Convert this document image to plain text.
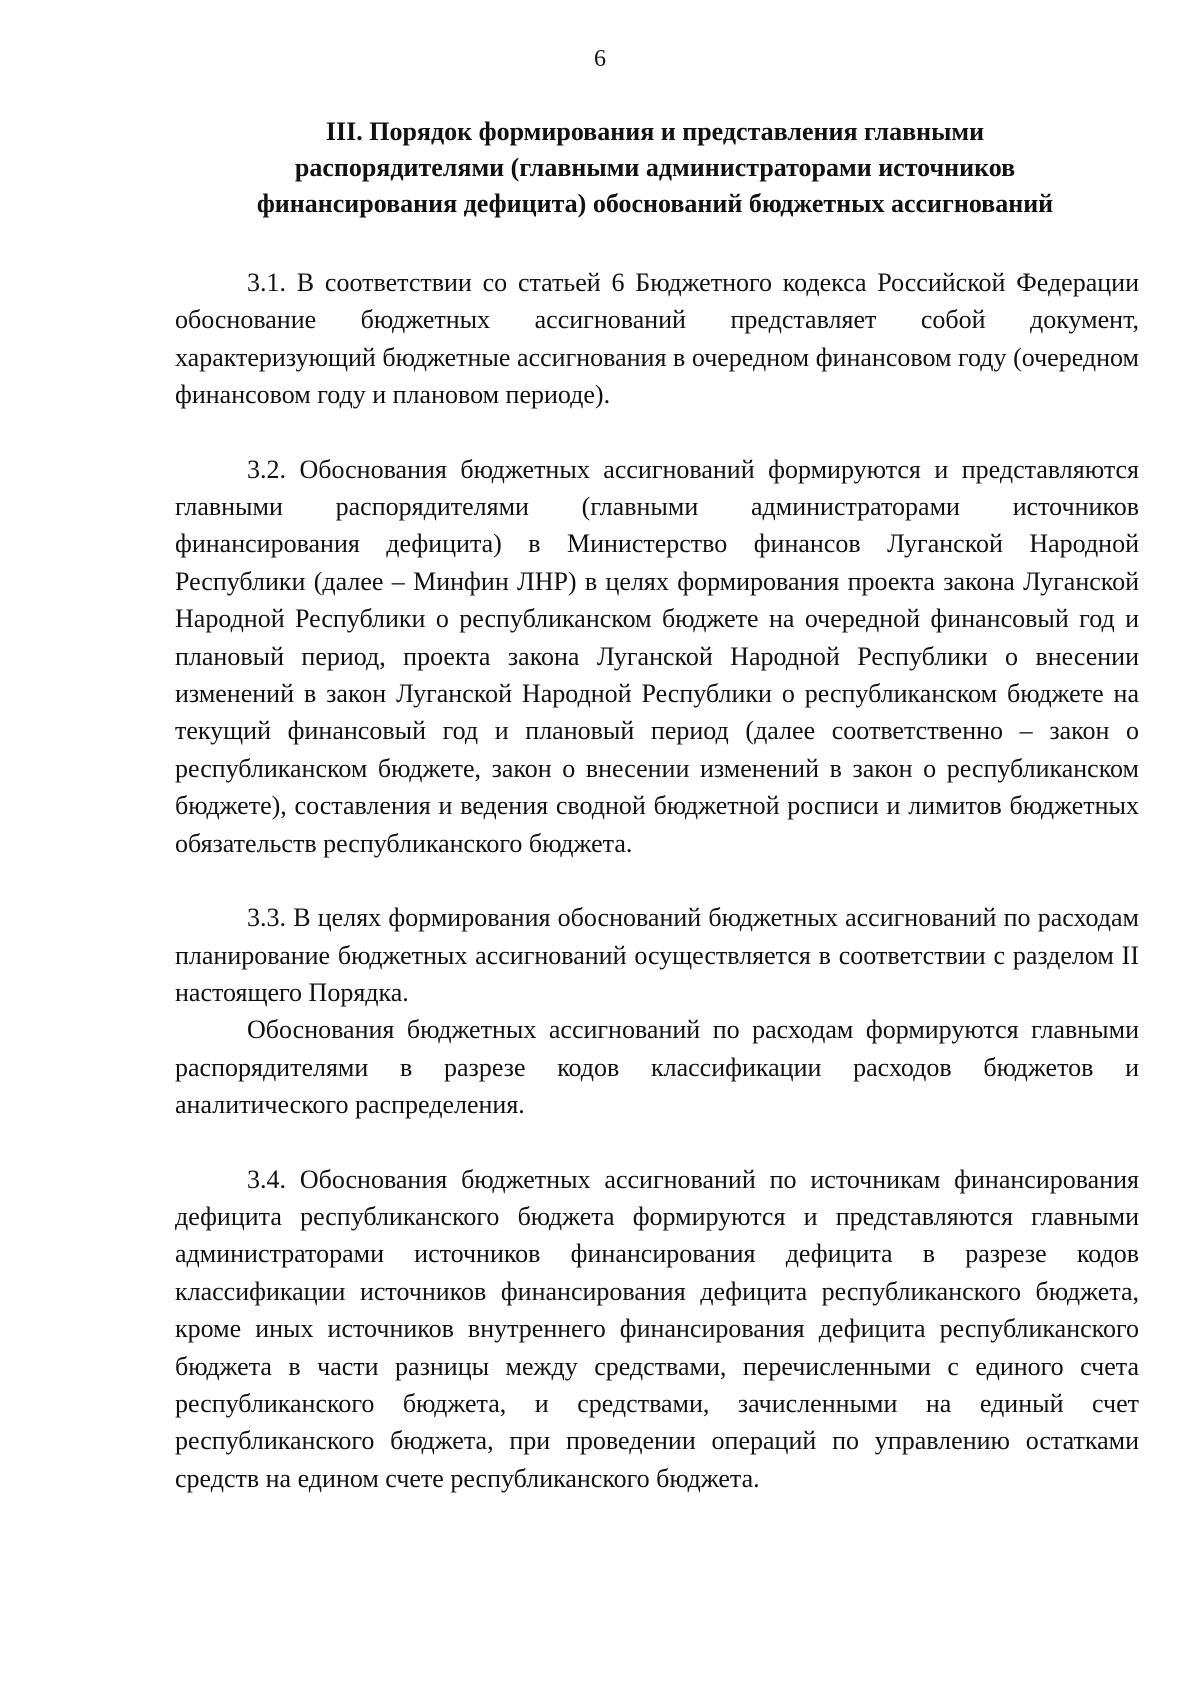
6

III. Порядок формирования и представления главными
распорядителями (главными администраторами источников
финансирования дефицита) обоснований бюджетных ассигнований

3.1. В соответствии со статьей 6 Бюджетного кодекса Российской Федерации обоснование бюджетных ассигнований представляет собой документ, характеризующий бюджетные ассигнования в очередном финансовом году (очередном финансовом году и плановом периоде).

3.2. Обоснования бюджетных ассигнований формируются и представляются главными распорядителями (главными администраторами источников финансирования дефицита) в Министерство финансов Луганской Народной Республики (далее – Минфин ЛНР) в целях формирования проекта закона Луганской Народной Республики о республиканском бюджете на очередной финансовый год и плановый период, проекта закона Луганской Народной Республики о внесении изменений в закон Луганской Народной Республики о республиканском бюджете на текущий финансовый год и плановый период (далее соответственно – закон о республиканском бюджете, закон о внесении изменений в закон о республиканском бюджете), составления и ведения сводной бюджетной росписи и лимитов бюджетных обязательств республиканского бюджета.

3.3. В целях формирования обоснований бюджетных ассигнований по расходам планирование бюджетных ассигнований осуществляется в соответствии с разделом II настоящего Порядка.

Обоснования бюджетных ассигнований по расходам формируются главными распорядителями в разрезе кодов классификации расходов бюджетов и аналитического распределения.

3.4. Обоснования бюджетных ассигнований по источникам финансирования дефицита республиканского бюджета формируются и представляются главными администраторами источников финансирования дефицита в разрезе кодов классификации источников финансирования дефицита республиканского бюджета, кроме иных источников внутреннего финансирования дефицита республиканского бюджета в части разницы между средствами, перечисленными с единого счета республиканского бюджета, и средствами, зачисленными на единый счет республиканского бюджета, при проведении операций по управлению остатками средств на едином счете республиканского бюджета.
